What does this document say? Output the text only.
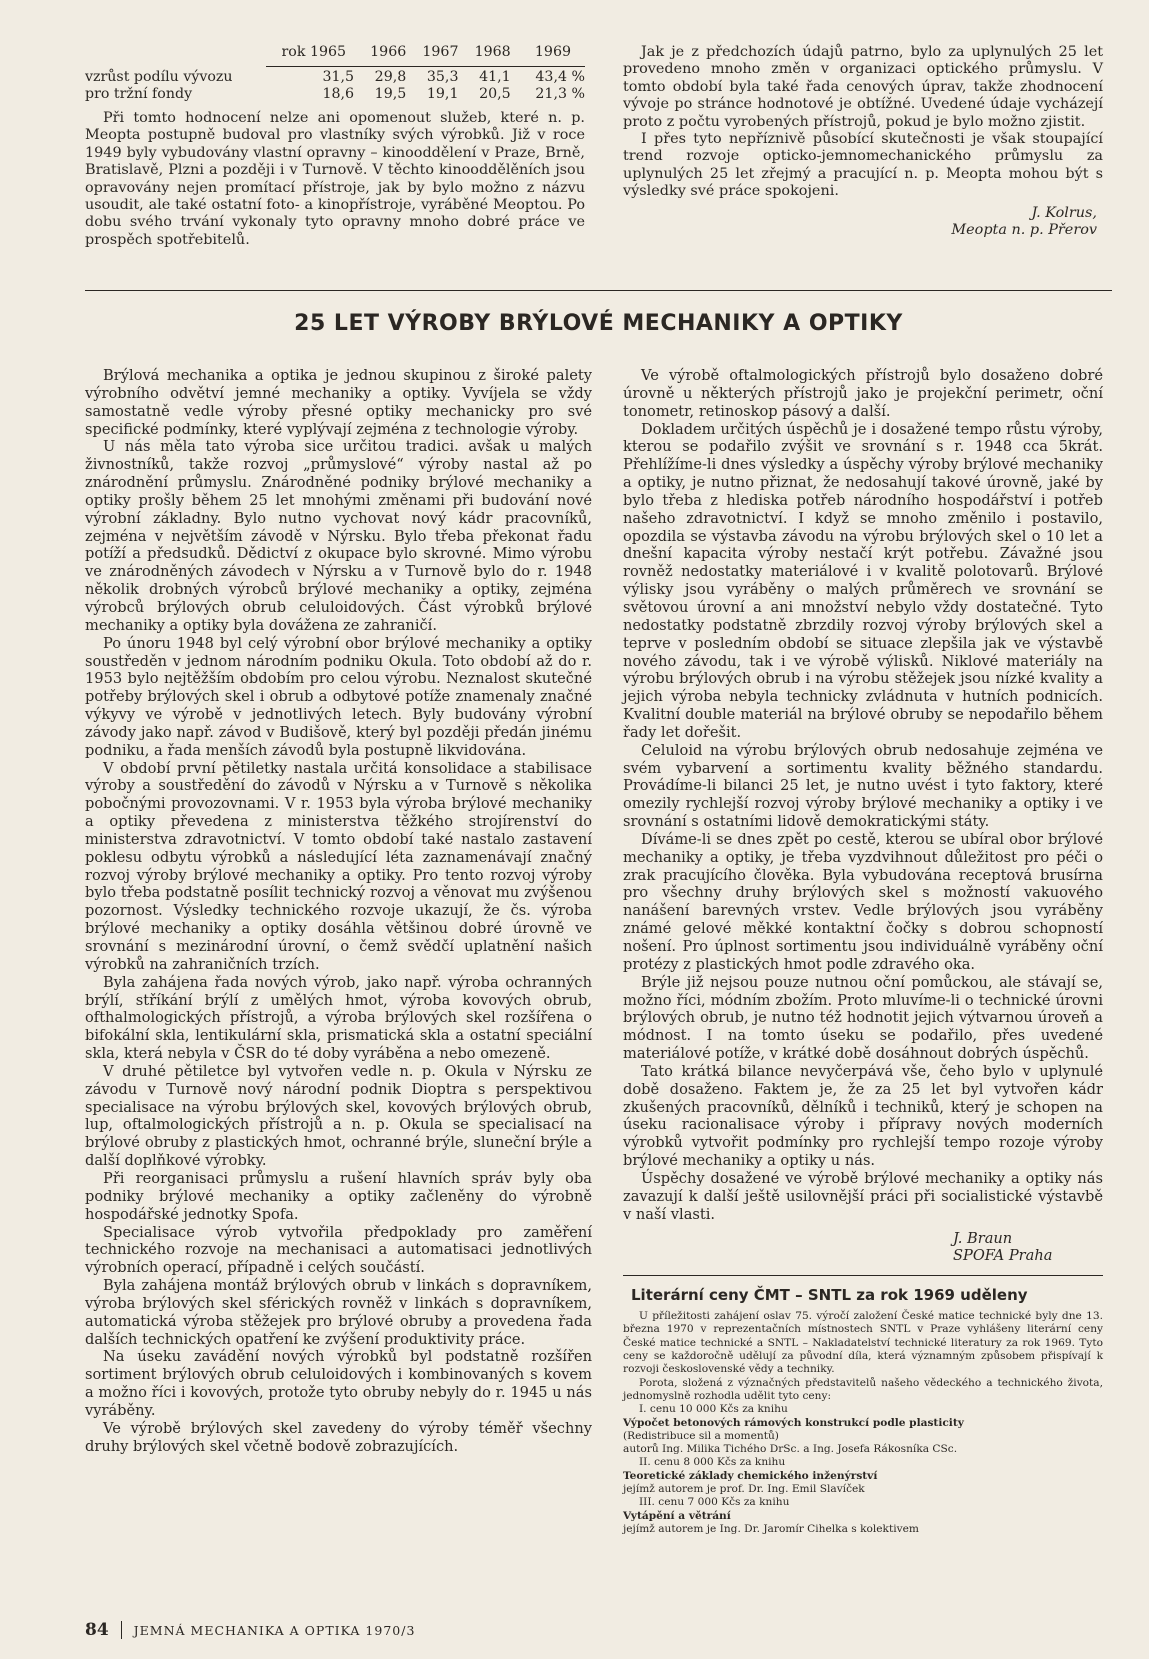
	rok 1965	1966	1967	1968	1969

vzrůst podílu vývozu	31,5	29,8	35,3	41,1	43,4 %
pro tržní fondy	18,6	19,5	19,1	20,5	21,3 %

Při tomto hodnocení nelze ani opomenout služeb, které n. p. Meopta postupně budoval pro vlastníky svých výrobků. Již v roce 1949 byly vybudovány vlastní opravny – kinooddělení v Praze, Brně, Bratislavě, Plzni a později i v Turnově. V těchto kinooddělěních jsou opravovány nejen promítací přístroje, jak by bylo možno z názvu usoudit, ale také ostatní foto- a kinopřístroje, vyráběné Meoptou. Po dobu svého trvání vykonaly tyto opravny mnoho dobré práce ve prospěch spotřebitelů.

Jak je z předchozích údajů patrno, bylo za uplynulých 25 let provedeno mnoho změn v organizaci optického průmyslu. V tomto období byla také řada cenových úprav, takže zhodnocení vývoje po stránce hodnotové je obtížné. Uvedené údaje vycházejí proto z počtu vyrobených přístrojů, pokud je bylo možno zjistit.

I přes tyto nepříznivě působící skutečnosti je však stoupající trend rozvoje opticko-jemnomechanického průmyslu za uplynulých 25 let zřejmý a pracující n. p. Meopta mohou být s výsledky své práce spokojeni.

J. Kolrus,
Meopta n. p. Přerov
25 LET VÝROBY BRÝLOVÉ MECHANIKY A OPTIKY

Brýlová mechanika a optika je jednou skupinou z široké palety výrobního odvětví jemné mechaniky a optiky. Vyvíjela se vždy samostatně vedle výroby přesné optiky mechanicky pro své specifické podmínky, které vyplývají zejména z technologie výroby.

U nás měla tato výroba sice určitou tradici. avšak u malých živnostníků, takže rozvoj „průmyslové“ výroby nastal až po znárodnění průmyslu. Znárodněné podniky brýlové mechaniky a optiky prošly během 25 let mnohými změnami při budování nové výrobní základny. Bylo nutno vychovat nový kádr pracovníků, zejména v největším závodě v Nýrsku. Bylo třeba překonat řadu potíží a předsudků. Dědictví z okupace bylo skrovné. Mimo výrobu ve znárodněných závodech v Nýrsku a v Turnově bylo do r. 1948 několik drobných výrobců brýlové mechaniky a optiky, zejména výrobců brýlových obrub celuloidových. Část výrobků brýlové mechaniky a optiky byla dovážena ze zahraničí.

Po únoru 1948 byl celý výrobní obor brýlové mechaniky a optiky soustředěn v jednom národním podniku Okula. Toto období až do r. 1953 bylo nejtěžším obdobím pro celou výrobu. Neznalost skutečné potřeby brýlových skel i obrub a odbytové potíže znamenaly značné výkyvy ve výrobě v jednotlivých letech. Byly budovány výrobní závody jako např. závod v Budišově, který byl později předán jinému podniku, a řada menších závodů byla postupně likvidována.

V období první pětiletky nastala určitá konsolidace a stabilisace výroby a soustředění do závodů v Nýrsku a v Turnově s několika pobočnými provozovnami. V r. 1953 byla výroba brýlové mechaniky a optiky převedena z ministerstva těžkého strojírenství do ministerstva zdravotnictví. V tomto období také nastalo zastavení poklesu odbytu výrobků a následující léta zaznamenávají značný rozvoj výroby brýlové mechaniky a optiky. Pro tento rozvoj výroby bylo třeba podstatně posílit technický rozvoj a věnovat mu zvýšenou pozornost. Výsledky technického rozvoje ukazují, že čs. výroba brýlové mechaniky a optiky dosáhla většinou dobré úrovně ve srovnání s mezinárodní úrovní, o čemž svědčí uplatnění našich výrobků na zahraničních trzích.

Byla zahájena řada nových výrob, jako např. výroba ochranných brýlí, stříkání brýlí z umělých hmot, výroba kovových obrub, ofthalmologických přístrojů, a výroba brýlových skel rozšířena o bifokální skla, lentikulární skla, prismatická skla a ostatní speciální skla, která nebyla v ČSR do té doby vyráběna a nebo omezeně.

V druhé pětiletce byl vytvořen vedle n. p. Okula v Nýrsku ze závodu v Turnově nový národní podnik Dioptra s perspektivou specialisace na výrobu brýlových skel, kovových brýlových obrub, lup, oftalmologických přístrojů a n. p. Okula se specialisací na brýlové obruby z plastických hmot, ochranné brýle, sluneční brýle a další doplňkové výrobky.

Při reorganisaci průmyslu a rušení hlavních správ byly oba podniky brýlové mechaniky a optiky začleněny do výrobně hospodářské jednotky Spofa.

Specialisace výrob vytvořila předpoklady pro zaměření technického rozvoje na mechanisaci a automatisaci jednotlivých výrobních operací, případně i celých součástí.

Byla zahájena montáž brýlových obrub v linkách s dopravníkem, výroba brýlových skel sférických rovněž v linkách s dopravníkem, automatická výroba stěžejek pro brýlové obruby a provedena řada dalších technických opatření ke zvýšení produktivity práce.

Na úseku zavádění nových výrobků byl podstatně rozšířen sortiment brýlových obrub celuloidových i kombinovaných s kovem a možno říci i kovových, protože tyto obruby nebyly do r. 1945 u nás vyráběny.

Ve výrobě brýlových skel zavedeny do výroby téměř všechny druhy brýlových skel včetně bodově zobrazujících.

Ve výrobě oftalmologických přístrojů bylo dosaženo dobré úrovně u některých přístrojů jako je projekční perimetr, oční tonometr, retinoskop pásový a další.

Dokladem určitých úspěchů je i dosažené tempo růstu výroby, kterou se podařilo zvýšit ve srovnání s r. 1948 cca 5krát. Přehlížíme-li dnes výsledky a úspěchy výroby brýlové mechaniky a optiky, je nutno přiznat, že nedosahují takové úrovně, jaké by bylo třeba z hlediska potřeb národního hospodářství i potřeb našeho zdravotnictví. I když se mnoho změnilo i postavilo, opozdila se výstavba závodu na výrobu brýlových skel o 10 let a dnešní kapacita výroby nestačí krýt potřebu. Závažné jsou rovněž nedostatky materiálové i v kvalitě polotovarů. Brýlové výlisky jsou vyráběny o malých průměrech ve srovnání se světovou úrovní a ani množství nebylo vždy dostatečné. Tyto nedostatky podstatně zbrzdily rozvoj výroby brýlových skel a teprve v posledním období se situace zlepšila jak ve výstavbě nového závodu, tak i ve výrobě výlisků. Niklové materiály na výrobu brýlových obrub i na výrobu stěžejek jsou nízké kvality a jejich výroba nebyla technicky zvládnuta v hutních podnicích. Kvalitní double materiál na brýlové obruby se nepodařilo během řady let dořešit.

Celuloid na výrobu brýlových obrub nedosahuje zejména ve svém vybarvení a sortimentu kvality běžného standardu. Provádíme-li bilanci 25 let, je nutno uvést i tyto faktory, které omezily rychlejší rozvoj výroby brýlové mechaniky a optiky i ve srovnání s ostatními lidově demokratickými státy.

Díváme-li se dnes zpět po cestě, kterou se ubíral obor brýlové mechaniky a optiky, je třeba vyzdvihnout důležitost pro péči o zrak pracujícího člověka. Byla vybudována receptová brusírna pro všechny druhy brýlových skel s možností vakuového nanášení barevných vrstev. Vedle brýlových jsou vyráběny známé gelové měkké kontaktní čočky s dobrou schopností nošení. Pro úplnost sortimentu jsou individuálně vyráběny oční protézy z plastických hmot podle zdravého oka.

Brýle již nejsou pouze nutnou oční pomůckou, ale stávají se, možno říci, módním zbožím. Proto mluvíme-li o technické úrovni brýlových obrub, je nutno též hodnotit jejich výtvarnou úroveň a módnost. I na tomto úseku se podařilo, přes uvedené materiálové potíže, v krátké době dosáhnout dobrých úspěchů.

Tato krátká bilance nevyčerpává vše, čeho bylo v uplynulé době dosaženo. Faktem je, že za 25 let byl vytvořen kádr zkušených pracovníků, dělníků i techniků, který je schopen na úseku racionalisace výroby i přípravy nových moderních výrobků vytvořit podmínky pro rychlejší tempo rozoje výroby brýlové mechaniky a optiky u nás.

Úspěchy dosažené ve výrobě brýlové mechaniky a optiky nás zavazují k další ještě usilovnější práci při socialistické výstavbě v naší vlasti.

J. Braun
SPOFA Praha
Literární ceny ČMT – SNTL za rok 1969 uděleny

U příležitosti zahájení oslav 75. výročí založení České matice technické byly dne 13. března 1970 v reprezentačních místnostech SNTL v Praze vyhlášeny literární ceny České matice technické a SNTL – Nakladatelství technické literatury za rok 1969. Tyto ceny se každoročně udělují za původní díla, která významným způsobem přispívají k rozvoji československé vědy a techniky.

Porota, složená z význačných představitelů našeho vědeckého a technického života, jednomyslně rozhodla udělit tyto ceny:

I. cenu 10 000 Kčs za knihu

Výpočet betonových rámových konstrukcí podle plasticity

(Redistribuce sil a momentů)

autorů Ing. Milika Tichého DrSc. a Ing. Josefa Rákosníka CSc.

II. cenu 8 000 Kčs za knihu

Teoretické základy chemického inženýrství

jejímž autorem je prof. Dr. Ing. Emil Slavíček

III. cenu 7 000 Kčs za knihu

Vytápění a větrání

jejímž autorem je Ing. Dr. Jaromír Cihelka s kolektivem

84 JEMNÁ MECHANIKA A OPTIKA 1970/3
